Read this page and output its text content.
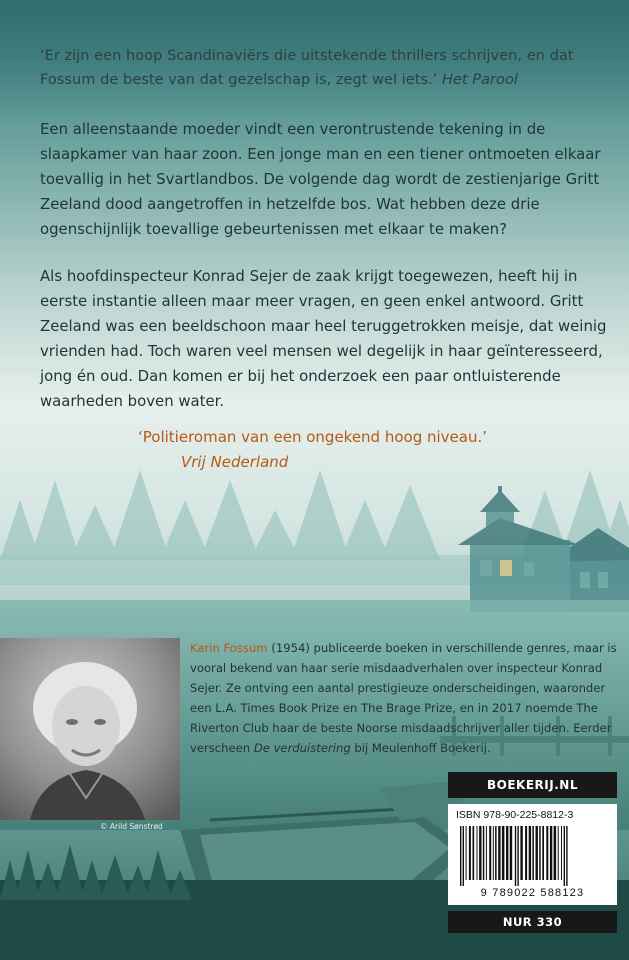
‘Er zijn een hoop Scandinaviërs die uitstekende thrillers schrijven, en dat Fossum de beste van dat gezelschap is, zegt wel iets.’ Het Parool
Een alleenstaande moeder vindt een verontrustende tekening in de slaapkamer van haar zoon. Een jonge man en een tiener ontmoeten elkaar toevallig in het Svartlandbos. De volgende dag wordt de zestienjarige Gritt Zeeland dood aangetroffen in hetzelfde bos. Wat hebben deze drie ogenschijnlijk toevallige gebeurtenissen met elkaar te maken?
Als hoofdinspecteur Konrad Sejer de zaak krijgt toegewezen, heeft hij in eerste instantie alleen maar meer vragen, en geen enkel antwoord. Gritt Zeeland was een beeldschoon maar heel teruggetrokken meisje, dat weinig vrienden had. Toch waren veel mensen wel degelijk in haar geïnteresseerd, jong én oud. Dan komen er bij het onderzoek een paar ontluisterende waarheden boven water.
‘Politieroman van een ongekend hoog niveau.’
Vrij Nederland
© Arild Sønstrød
Karin Fossum (1954) publiceerde boeken in verschillende genres, maar is vooral bekend van haar serie misdaadverhalen over inspecteur Konrad Sejer. Ze ontving een aantal prestigieuze onderscheidingen, waaronder een L.A. Times Book Prize en The Brage Prize, en in 2017 noemde The Riverton Club haar de beste Noorse misdaadschrijver aller tijden. Eerder verscheen De verduistering bij Meulenhoff Boekerij.
BOEKERIJ.NL
ISBN 978-90-225-8812-3
9 789022 588123
NUR 330
